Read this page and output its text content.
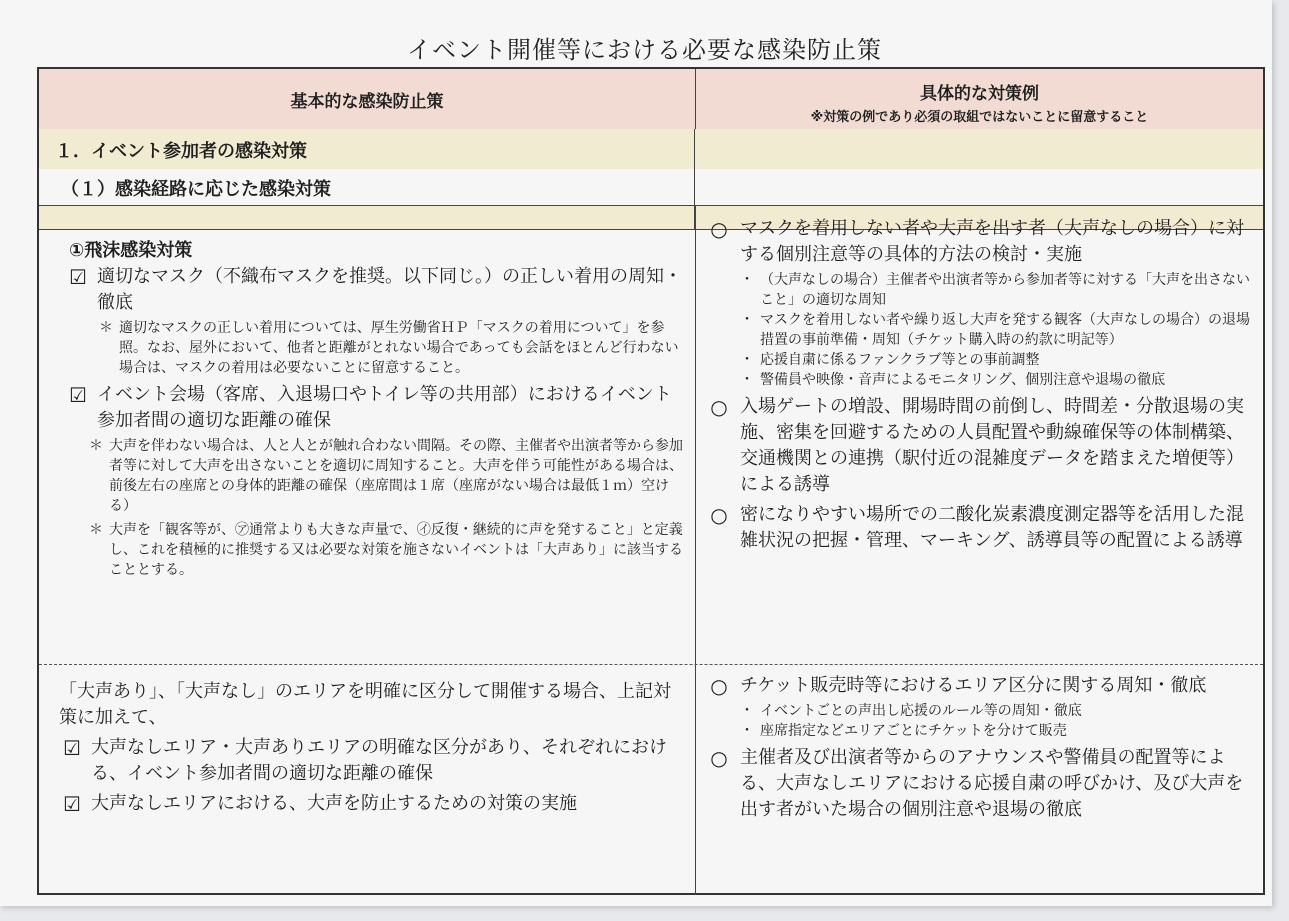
イベント開催等における必要な感染防止策
基本的な感染防止策	具体的な対策例
※対策の例であり必須の取組ではないことに留意すること
１．イベント参加者の感染対策
（１）感染経路に応じた感染対策

①飛沫感染対策

☑ 適切なマスク（不織布マスクを推奨。以下同じ。）の正しい着用の周知・徹底
＊ 適切なマスクの正しい着用については、厚生労働省ＨＰ「マスクの着用について」を参照。なお、屋外において、他者と距離がとれない場合であっても会話をほとんど行わない場合は、マスクの着用は必要ないことに留意すること。
☑ イベント会場（客席、入退場口やトイレ等の共用部）におけるイベント参加者間の適切な距離の確保
＊ 大声を伴わない場合は、人と人とが触れ合わない間隔。その際、主催者や出演者等から参加者等に対して大声を出さないことを適切に周知すること。大声を伴う可能性がある場合は、前後左右の座席との身体的距離の確保（座席間は１席（座席がない場合は最低１ｍ）空ける）
＊ 大声を「観客等が、㋐通常よりも大きな声量で、㋑反復・継続的に声を発すること」と定義し、これを積極的に推奨する又は必要な対策を施さないイベントは「大声あり」に該当することとする。
○ マスクを着用しない者や大声を出す者（大声なしの場合）に対する個別注意等の具体的方法の検討・実施
・ （大声なしの場合）主催者や出演者等から参加者等に対する「大声を出さないこと」の適切な周知
・ マスクを着用しない者や繰り返し大声を発する観客（大声なしの場合）の退場措置の事前準備・周知（チケット購入時の約款に明記等）
・ 応援自粛に係るファンクラブ等との事前調整
・ 警備員や映像・音声によるモニタリング、個別注意や退場の徹底
○ 入場ゲートの増設、開場時間の前倒し、時間差・分散退場の実施、密集を回避するための人員配置や動線確保等の体制構築、交通機関との連携（駅付近の混雑度データを踏まえた増便等）による誘導
○ 密になりやすい場所での二酸化炭素濃度測定器等を活用した混雑状況の把握・管理、マーキング、誘導員等の配置による誘導

「大声あり」、「大声なし」のエリアを明確に区分して開催する場合、上記対策に加えて、

☑ 大声なしエリア・大声ありエリアの明確な区分があり、それぞれにおける、イベント参加者間の適切な距離の確保
☑ 大声なしエリアにおける、大声を防止するための対策の実施
○ チケット販売時等におけるエリア区分に関する周知・徹底
・ イベントごとの声出し応援のルール等の周知・徹底
・ 座席指定などエリアごとにチケットを分けて販売
○ 主催者及び出演者等からのアナウンスや警備員の配置等による、大声なしエリアにおける応援自粛の呼びかけ、及び大声を出す者がいた場合の個別注意や退場の徹底
